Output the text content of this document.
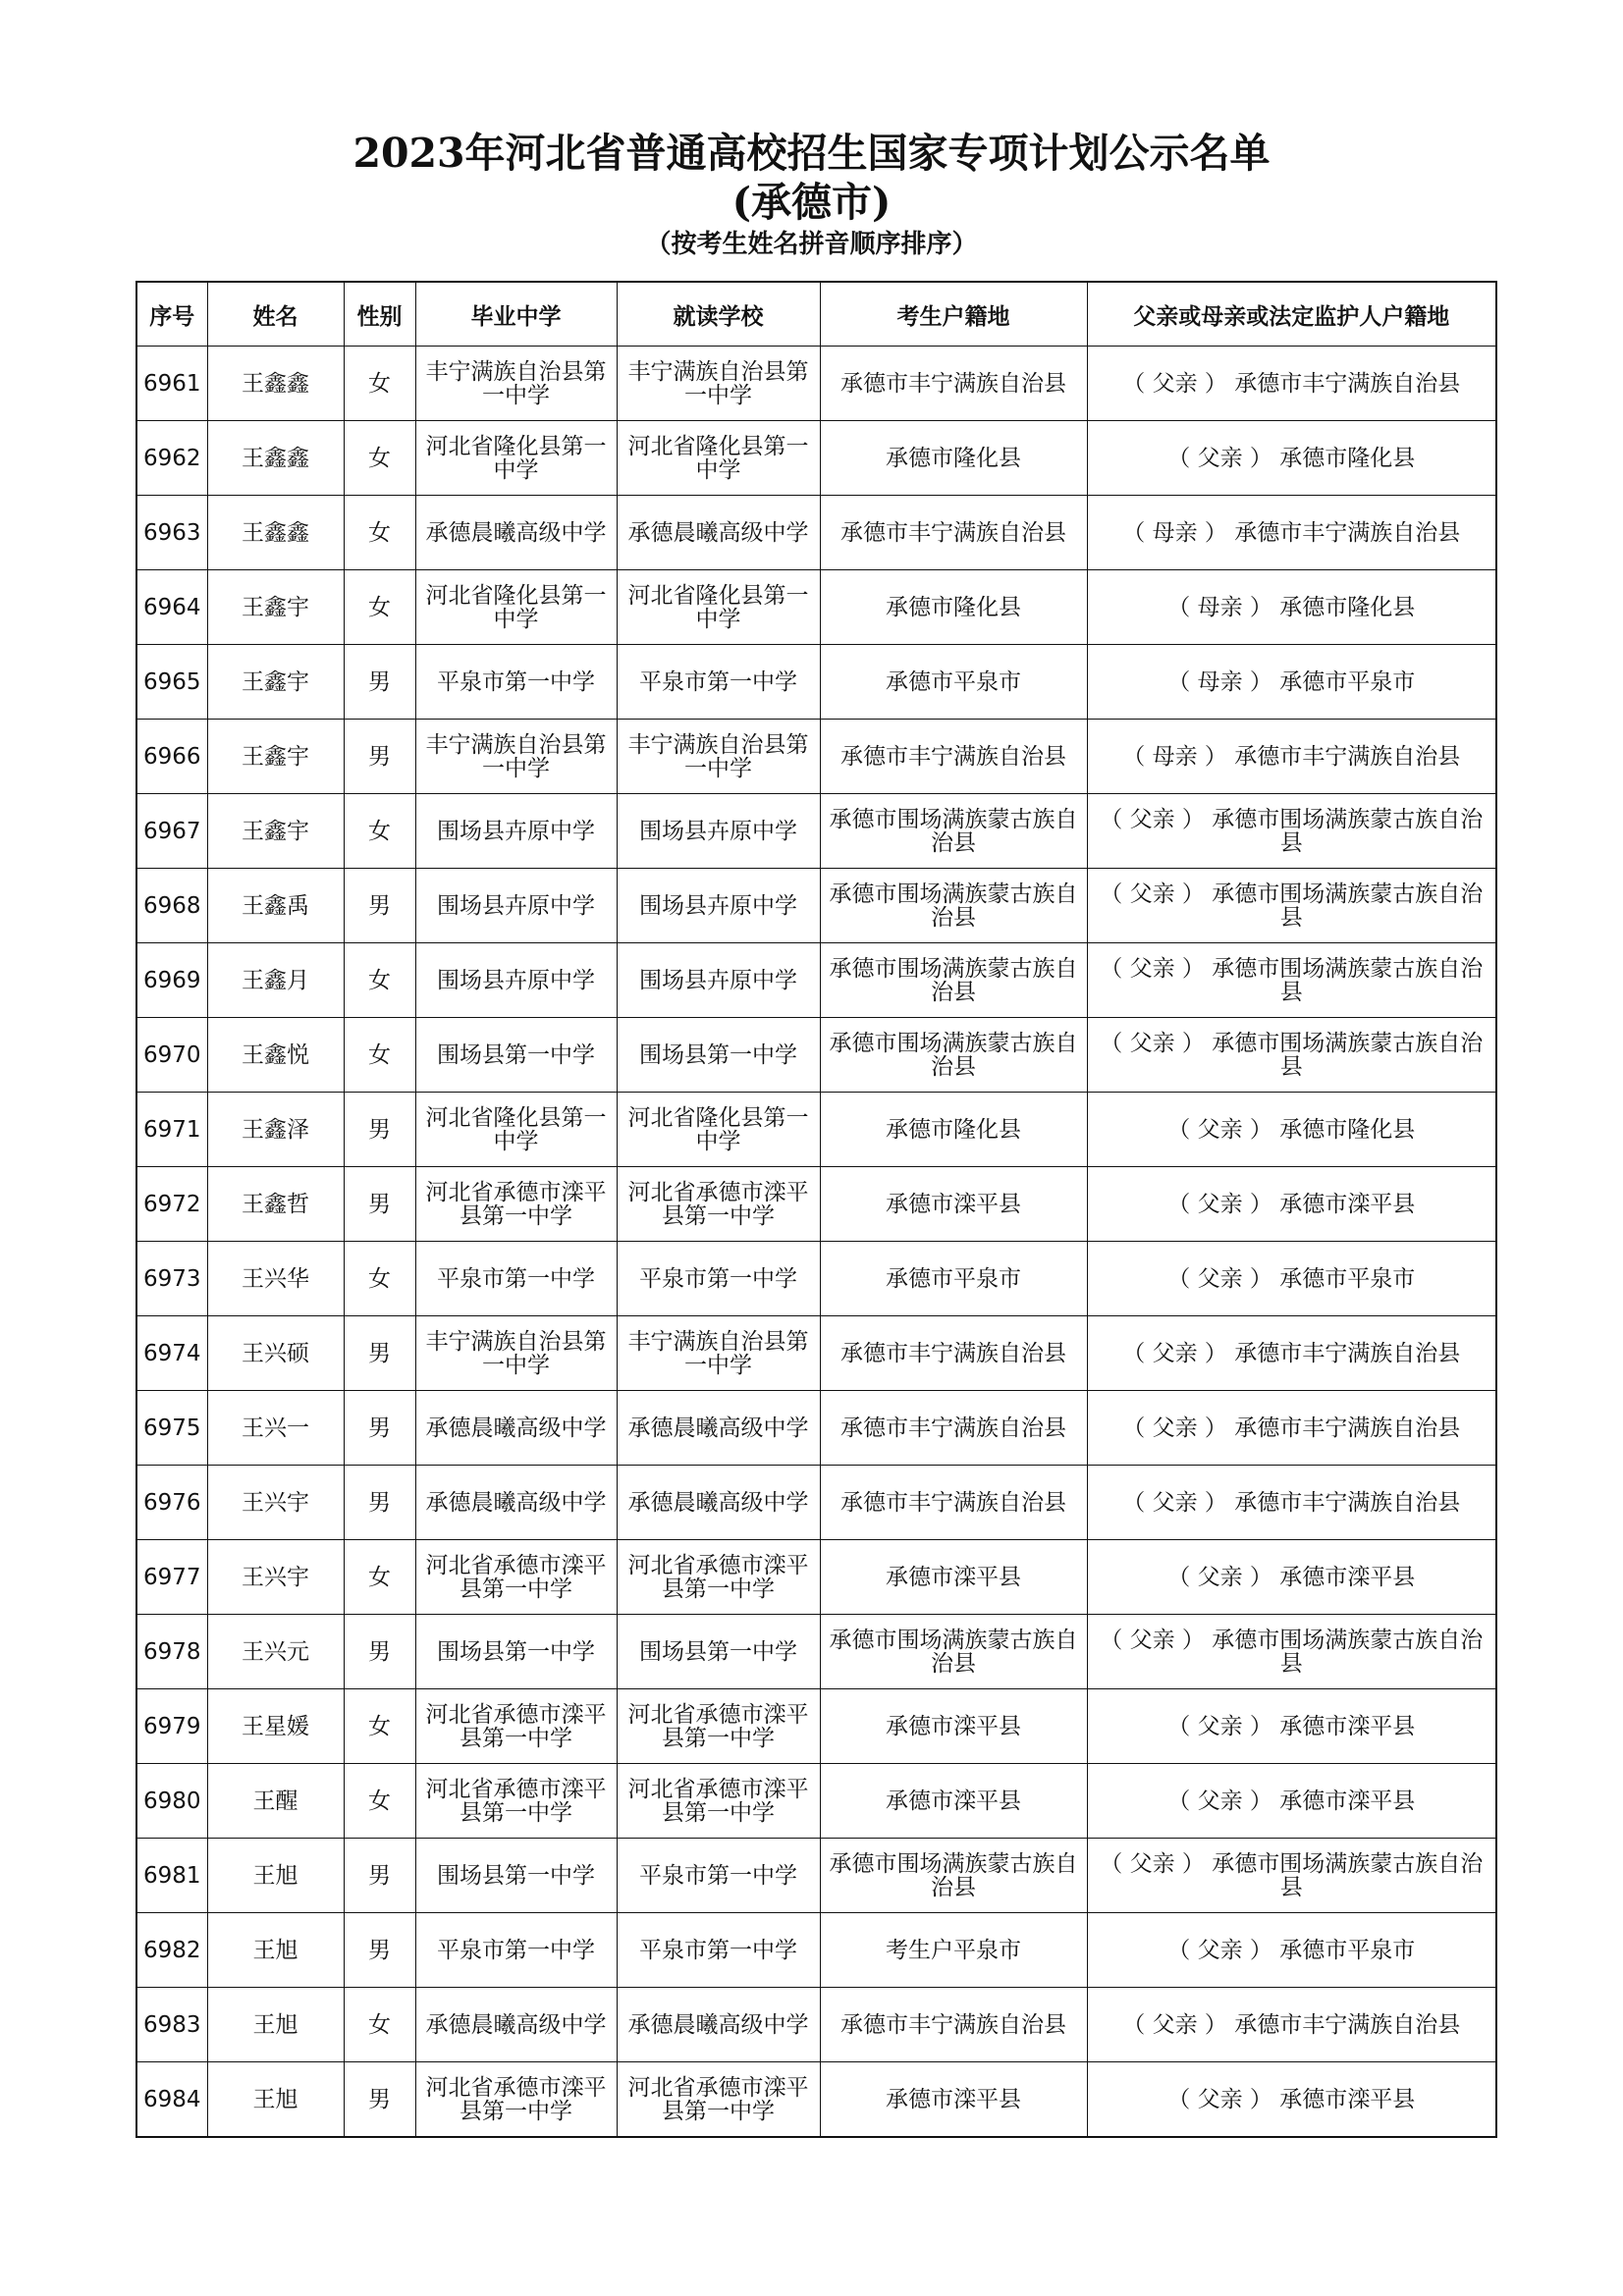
2023年河北省普通高校招生国家专项计划公示名单
(承德市)
（按考生姓名拼音顺序排序）
序号	姓名	性别	毕业中学	就读学校	考生户籍地	父亲或母亲或法定监护人户籍地
6961	王鑫鑫	女	丰宁满族自治县第一中学	丰宁满族自治县第一中学	承德市丰宁满族自治县	（ 父亲 ） 承德市丰宁满族自治县
6962	王鑫鑫	女	河北省隆化县第一中学	河北省隆化县第一中学	承德市隆化县	（ 父亲 ） 承德市隆化县
6963	王鑫鑫	女	承德晨曦高级中学	承德晨曦高级中学	承德市丰宁满族自治县	（ 母亲 ） 承德市丰宁满族自治县
6964	王鑫宇	女	河北省隆化县第一中学	河北省隆化县第一中学	承德市隆化县	（ 母亲 ） 承德市隆化县
6965	王鑫宇	男	平泉市第一中学	平泉市第一中学	承德市平泉市	（ 母亲 ） 承德市平泉市
6966	王鑫宇	男	丰宁满族自治县第一中学	丰宁满族自治县第一中学	承德市丰宁满族自治县	（ 母亲 ） 承德市丰宁满族自治县
6967	王鑫宇	女	围场县卉原中学	围场县卉原中学	承德市围场满族蒙古族自治县	（ 父亲 ） 承德市围场满族蒙古族自治县
6968	王鑫禹	男	围场县卉原中学	围场县卉原中学	承德市围场满族蒙古族自治县	（ 父亲 ） 承德市围场满族蒙古族自治县
6969	王鑫月	女	围场县卉原中学	围场县卉原中学	承德市围场满族蒙古族自治县	（ 父亲 ） 承德市围场满族蒙古族自治县
6970	王鑫悦	女	围场县第一中学	围场县第一中学	承德市围场满族蒙古族自治县	（ 父亲 ） 承德市围场满族蒙古族自治县
6971	王鑫泽	男	河北省隆化县第一中学	河北省隆化县第一中学	承德市隆化县	（ 父亲 ） 承德市隆化县
6972	王鑫哲	男	河北省承德市滦平县第一中学	河北省承德市滦平县第一中学	承德市滦平县	（ 父亲 ） 承德市滦平县
6973	王兴华	女	平泉市第一中学	平泉市第一中学	承德市平泉市	（ 父亲 ） 承德市平泉市
6974	王兴硕	男	丰宁满族自治县第一中学	丰宁满族自治县第一中学	承德市丰宁满族自治县	（ 父亲 ） 承德市丰宁满族自治县
6975	王兴一	男	承德晨曦高级中学	承德晨曦高级中学	承德市丰宁满族自治县	（ 父亲 ） 承德市丰宁满族自治县
6976	王兴宇	男	承德晨曦高级中学	承德晨曦高级中学	承德市丰宁满族自治县	（ 父亲 ） 承德市丰宁满族自治县
6977	王兴宇	女	河北省承德市滦平县第一中学	河北省承德市滦平县第一中学	承德市滦平县	（ 父亲 ） 承德市滦平县
6978	王兴元	男	围场县第一中学	围场县第一中学	承德市围场满族蒙古族自治县	（ 父亲 ） 承德市围场满族蒙古族自治县
6979	王星媛	女	河北省承德市滦平县第一中学	河北省承德市滦平县第一中学	承德市滦平县	（ 父亲 ） 承德市滦平县
6980	王醒	女	河北省承德市滦平县第一中学	河北省承德市滦平县第一中学	承德市滦平县	（ 父亲 ） 承德市滦平县
6981	王旭	男	围场县第一中学	平泉市第一中学	承德市围场满族蒙古族自治县	（ 父亲 ） 承德市围场满族蒙古族自治县
6982	王旭	男	平泉市第一中学	平泉市第一中学	考生户平泉市	（ 父亲 ） 承德市平泉市
6983	王旭	女	承德晨曦高级中学	承德晨曦高级中学	承德市丰宁满族自治县	（ 父亲 ） 承德市丰宁满族自治县
6984	王旭	男	河北省承德市滦平县第一中学	河北省承德市滦平县第一中学	承德市滦平县	（ 父亲 ） 承德市滦平县
